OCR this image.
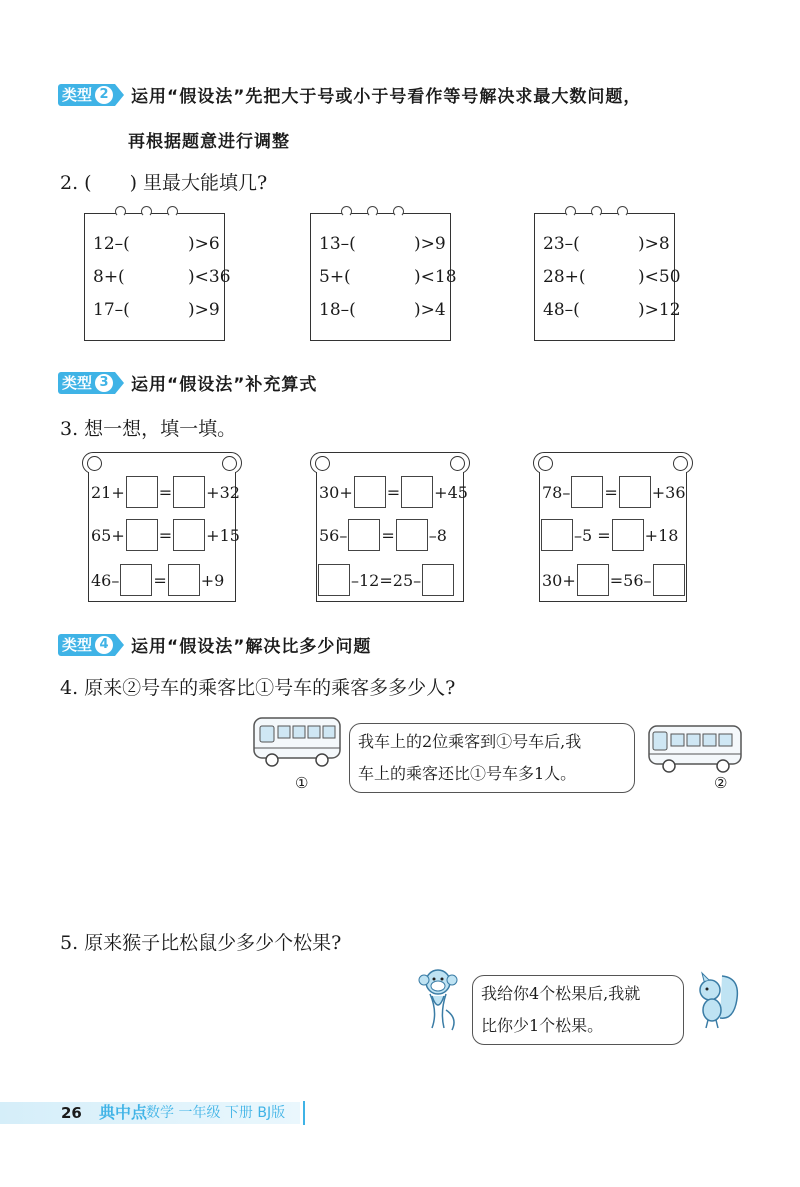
类型 2 运用“假设法”先把大于号或小于号看作等号解决求最大数问题，
再根据题意进行调整
2. (　　) 里最大能填几?
12–(	)>6
8+(	)<36
17–(	)>9
13–(	)>9
5+(	)<18
18–(	)>4
23–(	)>8
28+(	)<50
48–(	)>12
类型 3 运用“假设法”补充算式
3. 想一想，填一填。
21+ = +32
65+ = +15
46– = +9
30+ = +45
56– = –8
–12=25–
78– = +36
–5 = +18
30+ =56–
类型 4 运用“假设法”解决比多少问题
4. 原来②号车的乘客比①号车的乘客多多少人?
①
我车上的2位乘客到①号车后,我
车上的乘客还比①号车多1人。	②
5. 原来猴子比松鼠少多少个松果?
我给你4个松果后,我就
比你少1个松果。
26 典中点
数学 一年级 下册 BJ版
